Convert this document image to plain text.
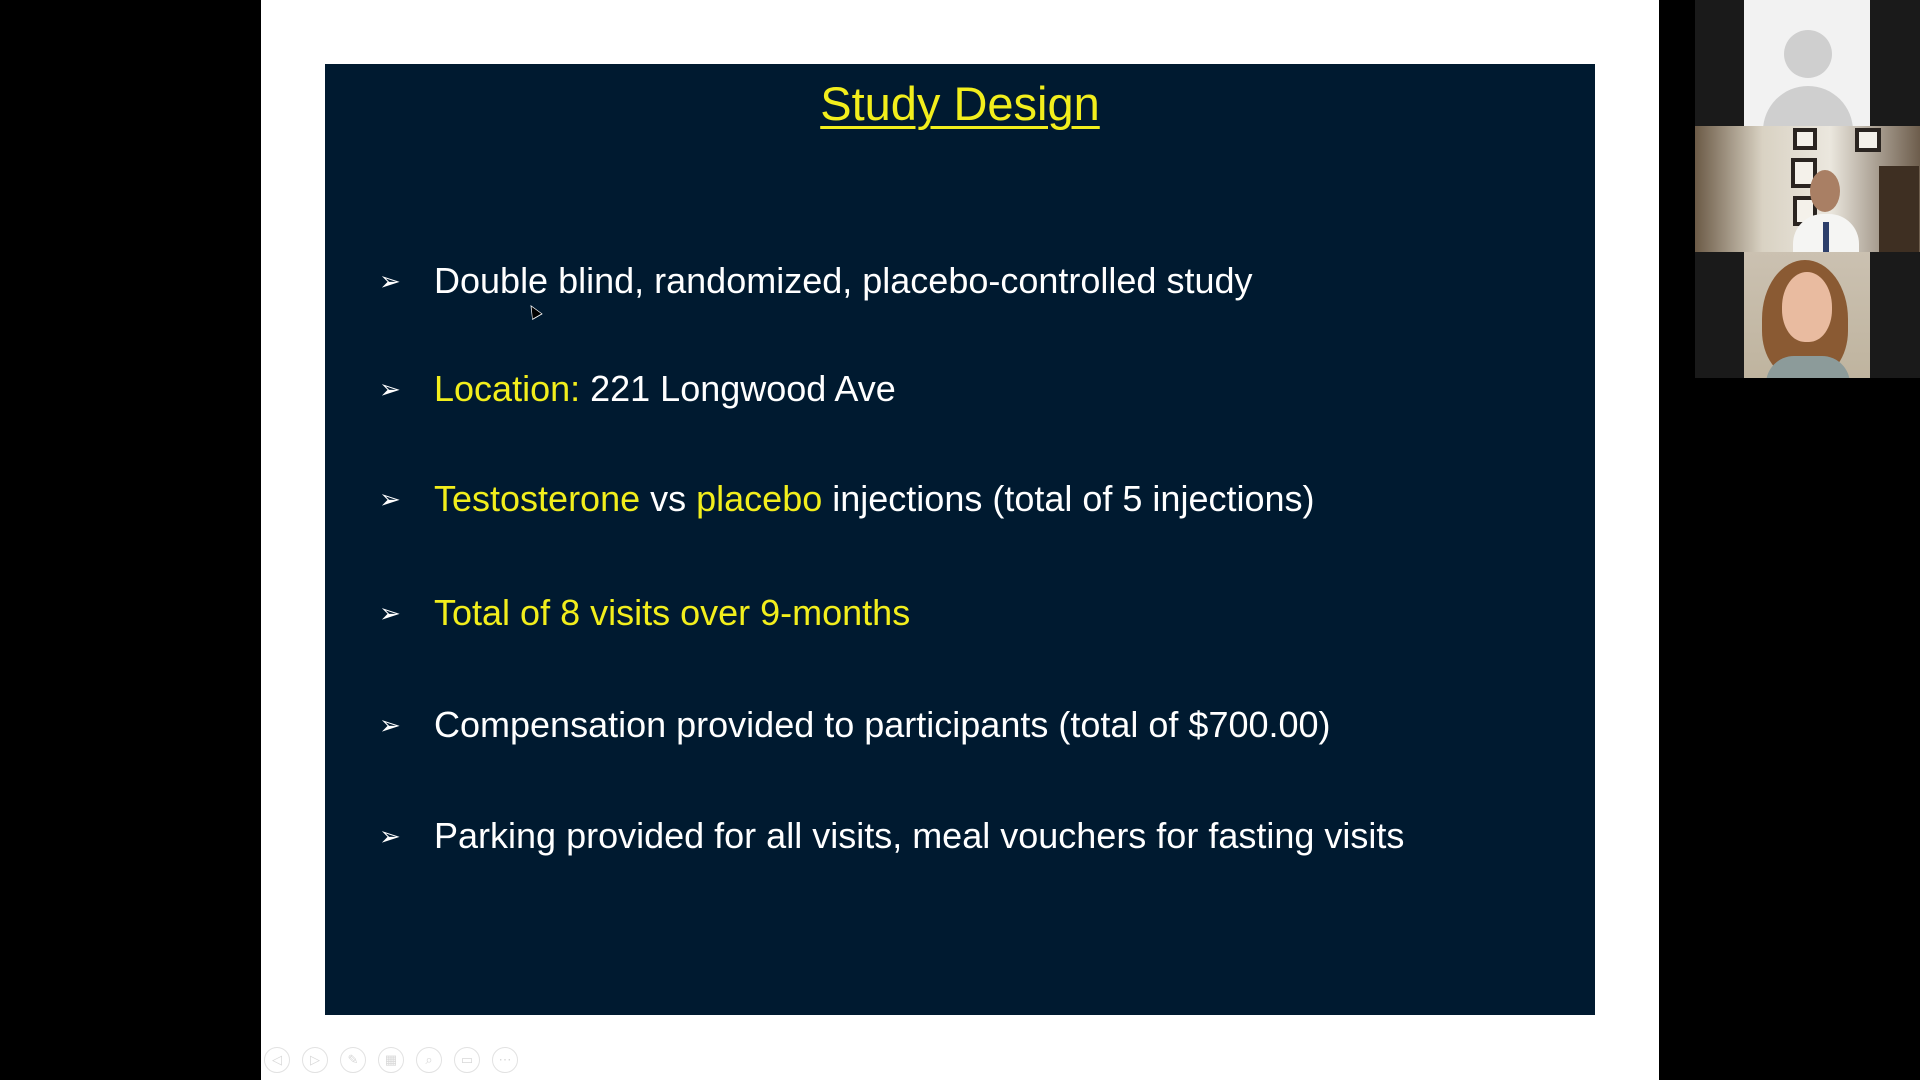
Study Design
➢ Double blind, randomized, placebo-controlled study
➢ Location: 221 Longwood Ave
➢ Testosterone vs placebo injections (total of 5 injections)
➢ Total of 8 visits over 9-months
➢ Compensation provided to participants (total of $700.00)
➢ Parking provided for all visits, meal vouchers for fasting visits
◁	▷	✎	▦	⌕	▭	⋯
